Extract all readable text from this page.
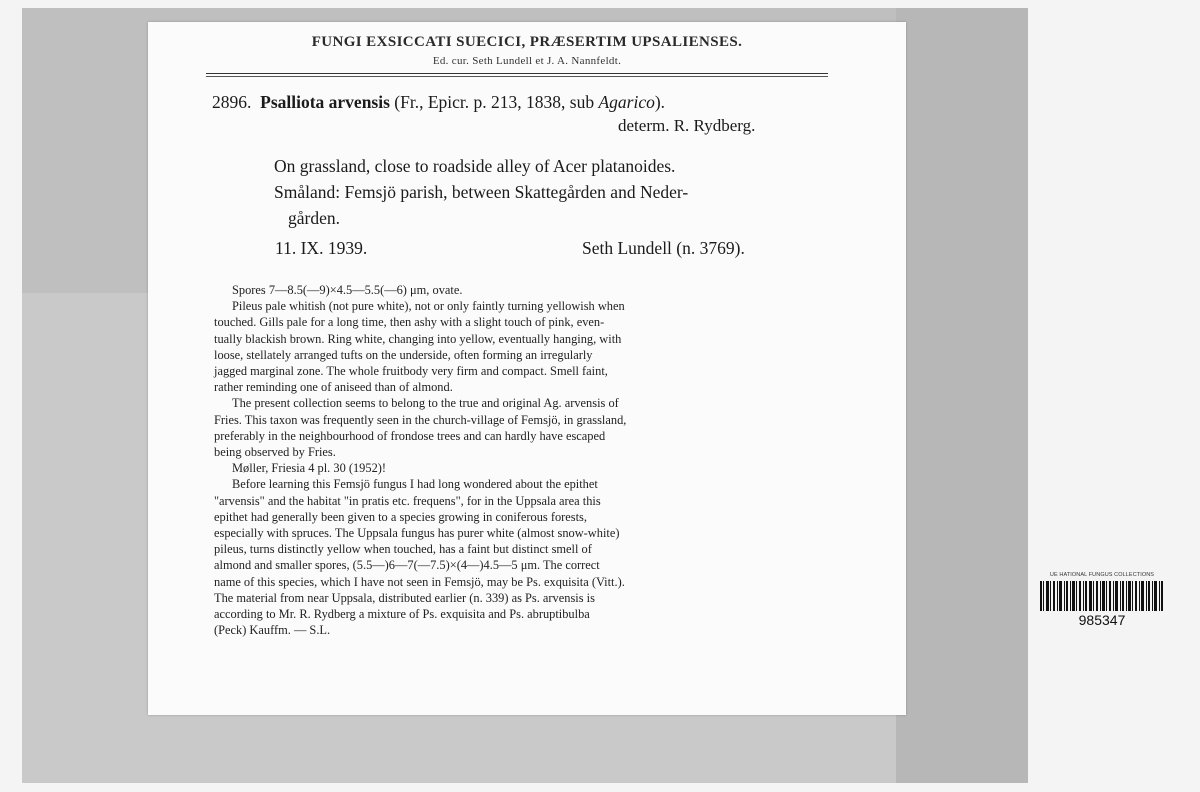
FUNGI EXSICCATI SUECICI, PRÆSERTIM UPSALIENSES.
Ed. cur. Seth Lundell et J. A. Nannfeldt.
2896. Psalliota arvensis (Fr., Epicr. p. 213, 1838, sub Agarico).
determ. R. Rydberg.
On grassland, close to roadside alley of Acer platanoides.
Småland: Femsjö parish, between Skattegården and Neder-
gården.
11. IX. 1939.	Seth Lundell (n. 3769).
Spores 7—8.5(—9)×4.5—5.5(—6) μm, ovate.
Pileus pale whitish (not pure white), not or only faintly turning yellowish when
touched. Gills pale for a long time, then ashy with a slight touch of pink, even-
tually blackish brown. Ring white, changing into yellow, eventually hanging, with
loose, stellately arranged tufts on the underside, often forming an irregularly
jagged marginal zone. The whole fruitbody very firm and compact. Smell faint,
rather reminding one of aniseed than of almond.
The present collection seems to belong to the true and original Ag. arvensis of
Fries. This taxon was frequently seen in the church-village of Femsjö, in grassland,
preferably in the neighbourhood of frondose trees and can hardly have escaped
being observed by Fries.
Møller, Friesia 4 pl. 30 (1952)!
Before learning this Femsjö fungus I had long wondered about the epithet
"arvensis" and the habitat "in pratis etc. frequens", for in the Uppsala area this
epithet had generally been given to a species growing in coniferous forests,
especially with spruces. The Uppsala fungus has purer white (almost snow-white)
pileus, turns distinctly yellow when touched, has a faint but distinct smell of
almond and smaller spores, (5.5—)6—7(—7.5)×(4—)4.5—5 μm. The correct
name of this species, which I have not seen in Femsjö, may be Ps. exquisita (Vitt.).
The material from near Uppsala, distributed earlier (n. 339) as Ps. arvensis is
according to Mr. R. Rydberg a mixture of Ps. exquisita and Ps. abruptibulba
(Peck) Kauffm. — S.L.
UE HATIONAL FUNGUS COLLECTIONS
985347
